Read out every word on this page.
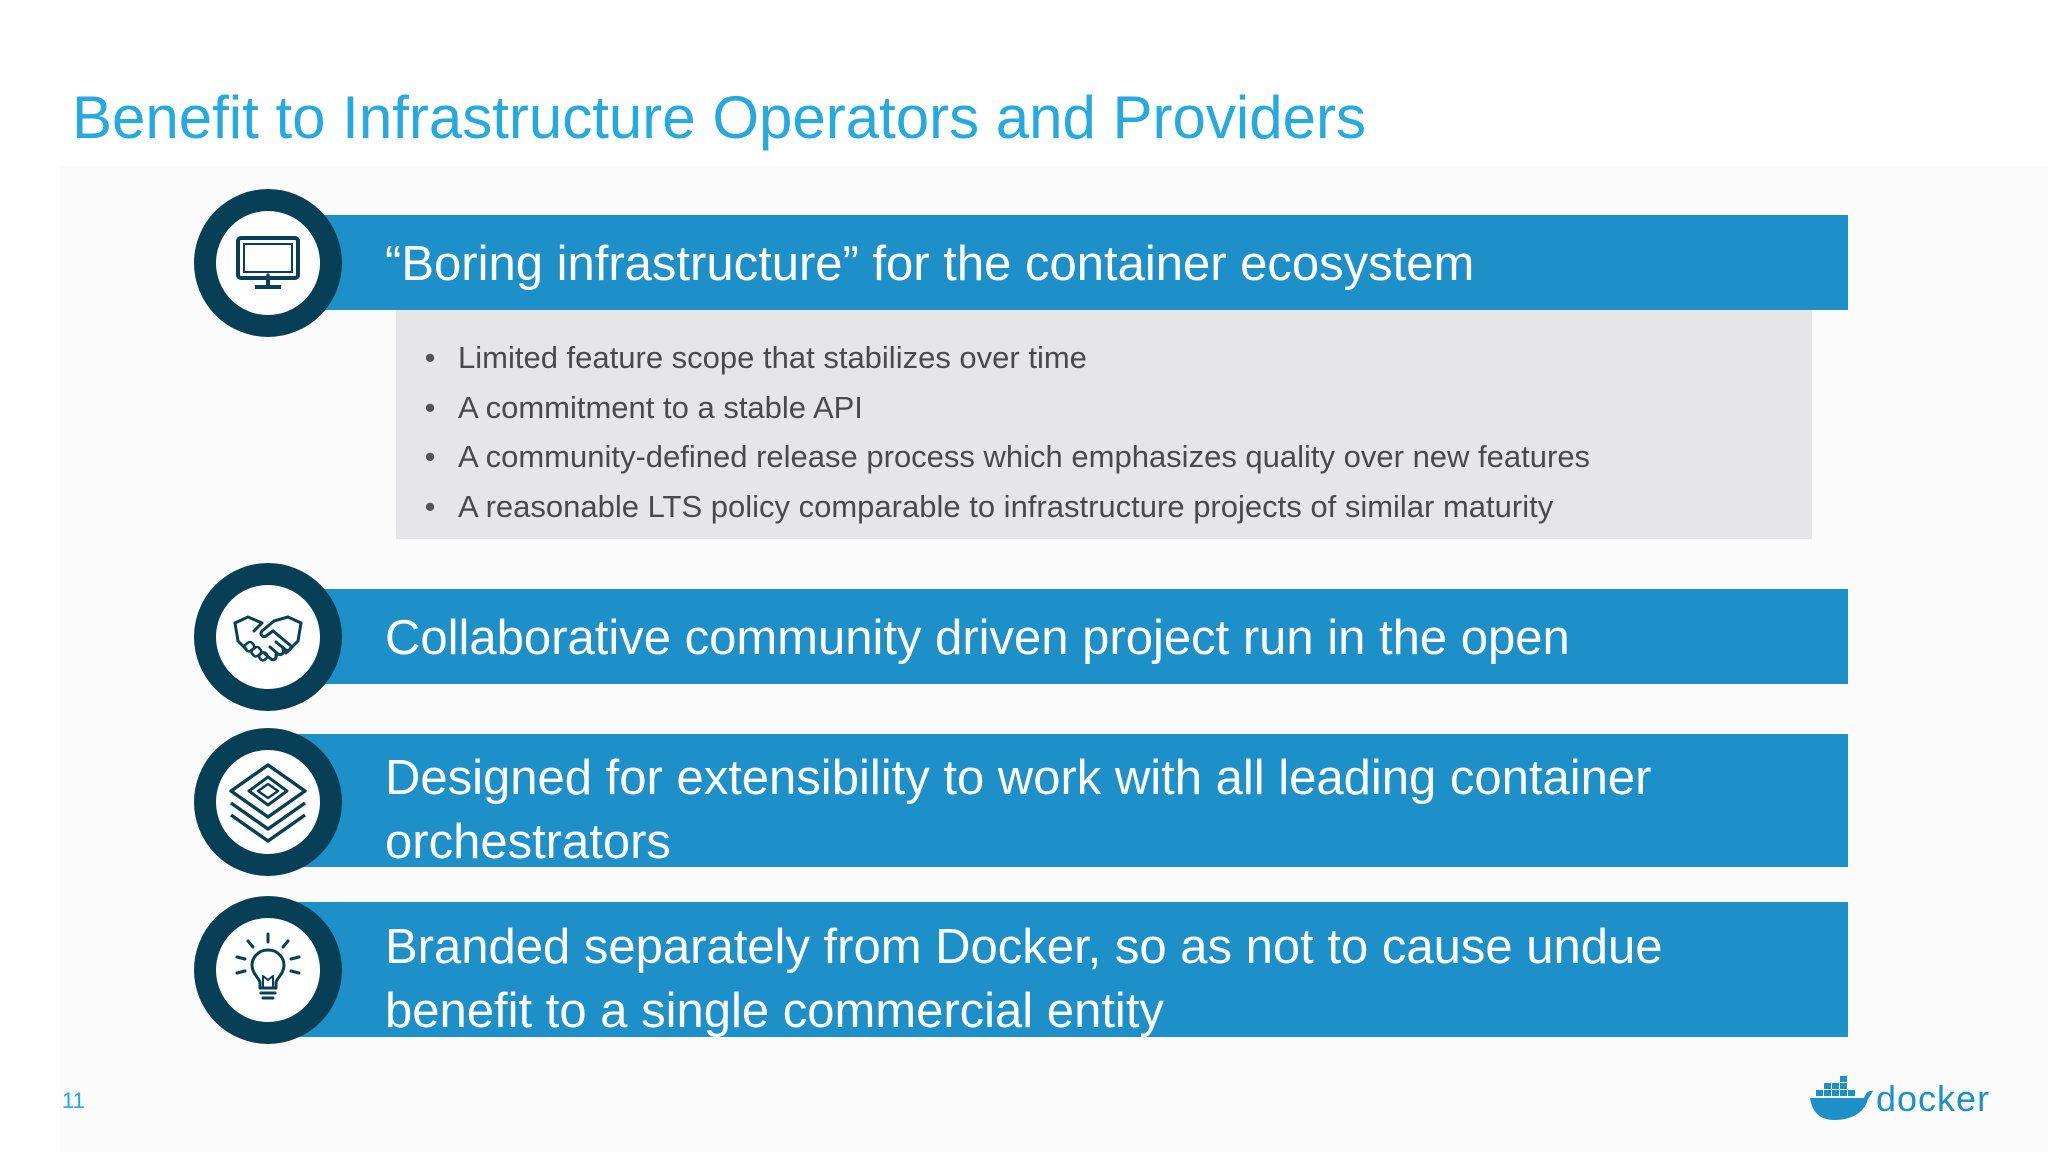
Benefit to Infrastructure Operators and Providers
“Boring infrastructure” for the container ecosystem
• Limited feature scope that stabilizes over time
• A commitment to a stable API
• A community-defined release process which emphasizes quality over new features
• A reasonable LTS policy comparable to infrastructure projects of similar maturity
Collaborative community driven project run in the open
Designed for extensibility to work with all leading container orchestrators
Branded separately from Docker, so as not to cause undue benefit to a single commercial entity
11	docker
